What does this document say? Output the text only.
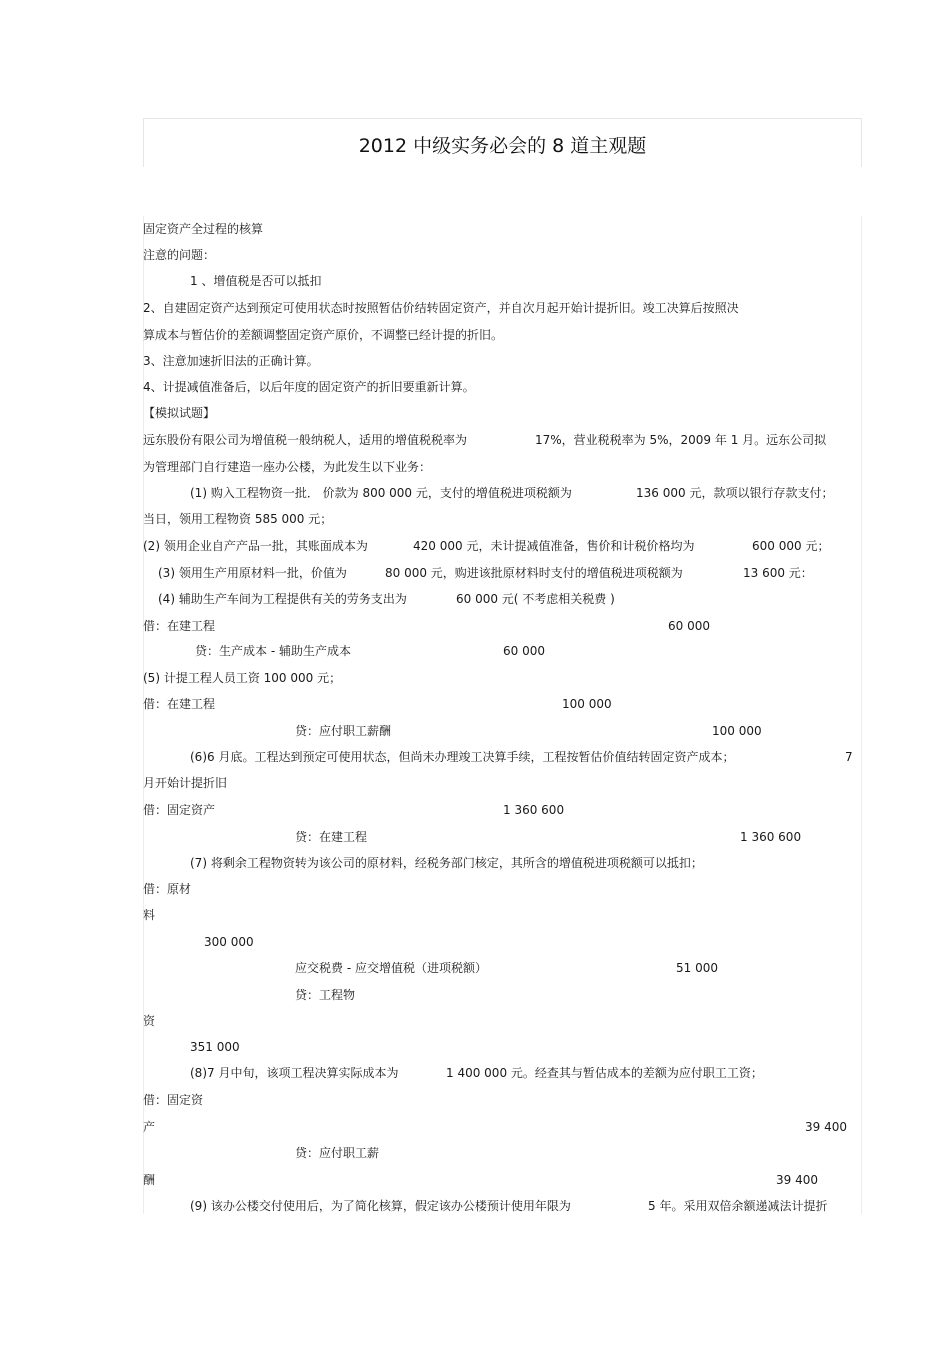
2012 中级实务必会的 8 道主观题
固定资产全过程的核算
注意的问题：
1 、增值税是否可以抵扣
2、自建固定资产达到预定可使用状态时按照暂估价结转固定资产，并自次月起开始计提折旧。竣工决算后按照决
算成本与暂估价的差额调整固定资产原价，不调整已经计提的折旧。
3、注意加速折旧法的正确计算。
4、计提减值准备后，以后年度的固定资产的折旧要重新计算。
【模拟试题】
远东股份有限公司为增值税一般纳税人，适用的增值税税率为	17%，营业税税率为 5%，2009 年 1 月。远东公司拟
为管理部门自行建造一座办公楼，为此发生以下业务：
(1) 购入工程物资一批． 价款为 800 000 元，支付的增值税进项税额为	136 000 元，款项以银行存款支付；
当日，领用工程物资 585 000 元；
(2) 领用企业自产产品一批，其账面成本为	420 000 元，未计提减值准备，售价和计税价格均为	600 000 元；
(3) 领用生产用原材料一批，价值为	80 000 元，购进该批原材料时支付的增值税进项税额为	13 600 元：
(4) 辅助生产车间为工程提供有关的劳务支出为	60 000 元( 不考虑相关税费 )
借：在建工程	60 000
贷：生产成本 - 辅助生产成本	60 000
(5) 计提工程人员工资 100 000 元；
借：在建工程	100 000
贷：应付职工薪酬	100 000
(6)6 月底。工程达到预定可使用状态，但尚未办理竣工决算手续，工程按暂估价值结转固定资产成本；	7
月开始计提折旧
借：固定资产	1 360 600
贷：在建工程	1 360 600
(7) 将剩余工程物资转为该公司的原材料，经税务部门核定，其所含的增值税进项税额可以抵扣；
借：原材
料
300 000
应交税费 - 应交增值税（进项税额）	51 000
贷：工程物
资
351 000
(8)7 月中旬，该项工程决算实际成本为	1 400 000 元。经查其与暂估成本的差额为应付职工工资；
借：固定资
产	39 400
贷：应付职工薪
酬	39 400
(9) 该办公楼交付使用后，为了简化核算，假定该办公楼预计使用年限为	5 年。采用双倍余额递减法计提折
